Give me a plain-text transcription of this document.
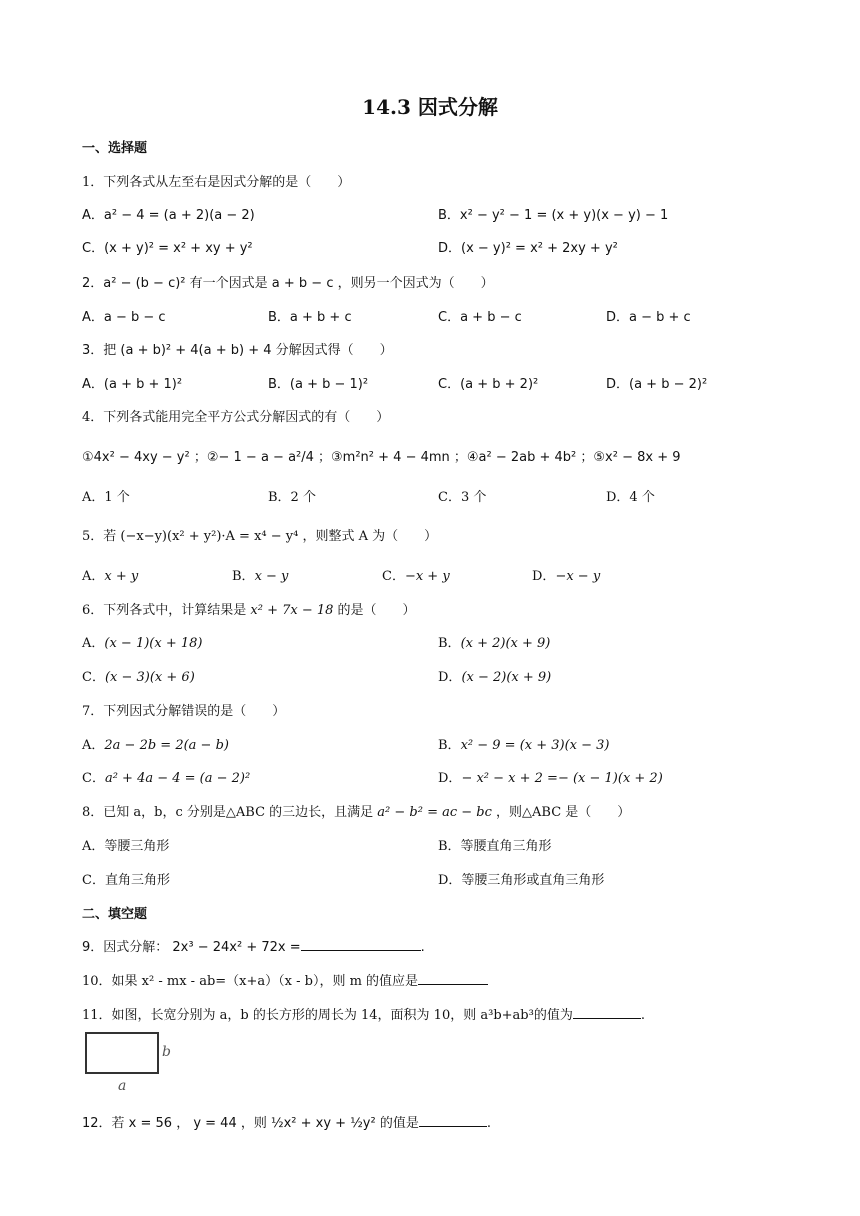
14.3 因式分解
一、选择题
1．下列各式从左至右是因式分解的是（　　）
A．a² − 4 = (a + 2)(a − 2)	B．x² − y² − 1 = (x + y)(x − y) − 1
C．(x + y)² = x² + xy + y²	D．(x − y)² = x² + 2xy + y²
2．a² − (b − c)² 有一个因式是 a + b − c ，则另一个因式为（　　）
A．a − b − c	B．a + b + c	C．a + b − c	D．a − b + c
3．把 (a + b)² + 4(a + b) + 4 分解因式得（　　）
A．(a + b + 1)²	B．(a + b − 1)²	C．(a + b + 2)²	D．(a + b − 2)²
4．下列各式能用完全平方公式分解因式的有（　　）
①4x² − 4xy − y² ；②− 1 − a − a²/4 ；③m²n² + 4 − 4mn ；④a² − 2ab + 4b² ；⑤x² − 8x + 9
A．1 个	B．2 个	C．3 个	D．4 个
5．若 (−x−y)(x² + y²)·A = x⁴ − y⁴ ，则整式 A 为（　　）
A．x + y	B．x − y	C．−x + y	D．−x − y
6．下列各式中，计算结果是 x² + 7x − 18 的是（　　）
A．(x − 1)(x + 18)	B．(x + 2)(x + 9)
C．(x − 3)(x + 6)	D．(x − 2)(x + 9)
7．下列因式分解错误的是（　　）
A．2a − 2b = 2(a − b)	B．x² − 9 = (x + 3)(x − 3)
C．a² + 4a − 4 = (a − 2)²	D．− x² − x + 2 =− (x − 1)(x + 2)
8．已知 a，b，c 分别是△ABC 的三边长，且满足 a² − b² = ac − bc ，则△ABC 是（　　）
A．等腰三角形	B．等腰直角三角形
C．直角三角形	D．等腰三角形或直角三角形
二、填空题
9．因式分解： 2x³ − 24x² + 72x =	.
10．如果 x² - mx - ab=（x+a）（x - b），则 m 的值应是
11．如图，长宽分别为 a，b 的长方形的周长为 14，面积为 10，则 a³b+ab³的值为	.
b
a
12．若 x = 56 ， y = 44 ，则 ½x² + xy + ½y² 的值是	.
